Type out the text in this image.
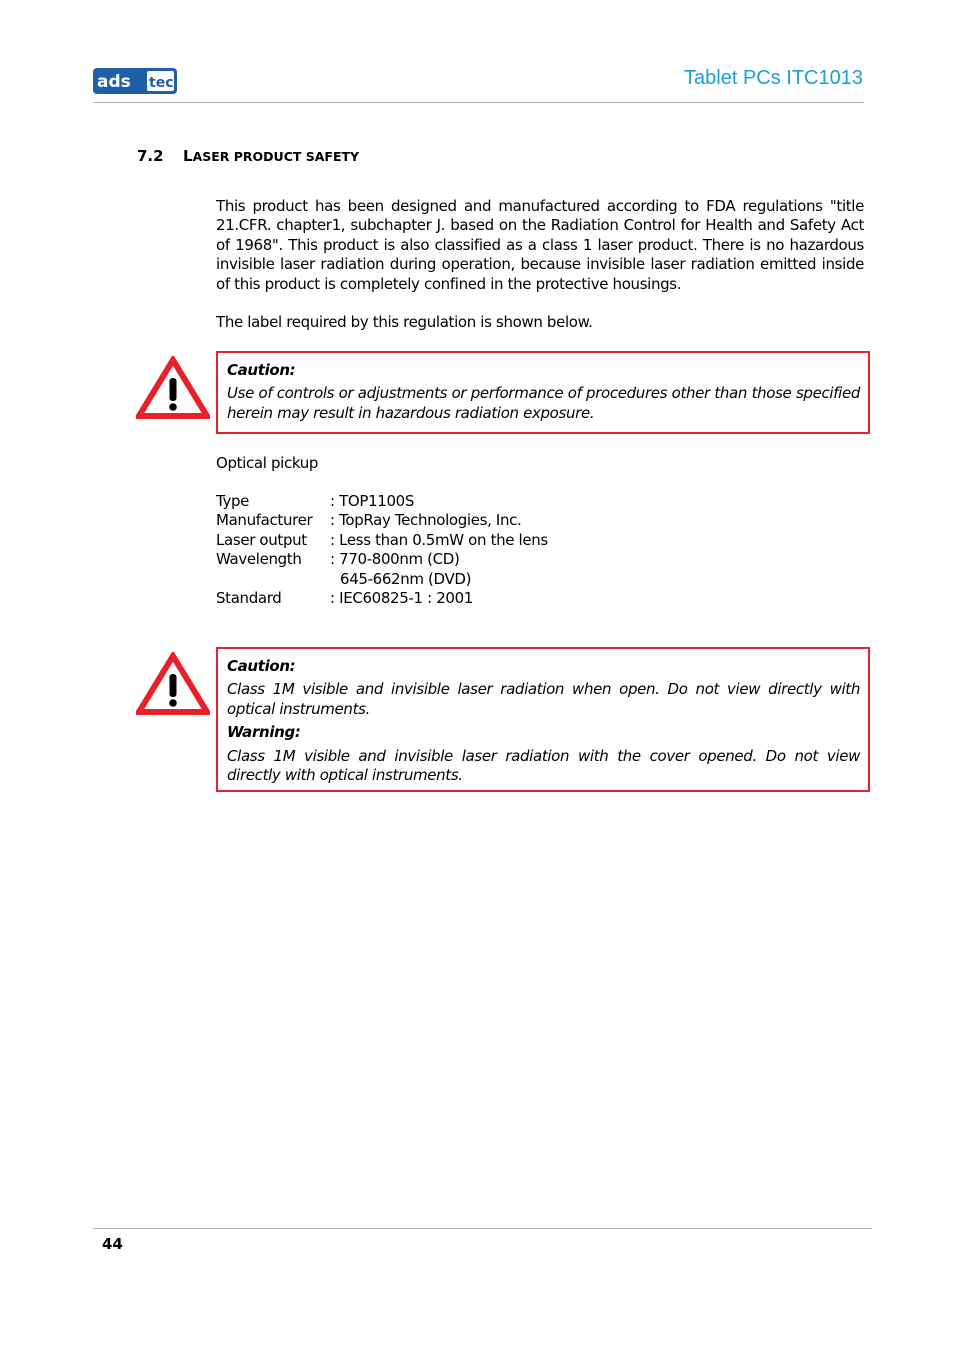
ads tec	Tablet PCs ITC1013
7.2 LASER PRODUCT SAFETY
This product has been designed and manufactured according to FDA regulations "title 21.CFR. chapter1, subchapter J. based on the Radiation Control for Health and Safety Act of 1968". This product is also classified as a class 1 laser product. There is no hazardous invisible laser radiation during operation, because invisible laser radiation emitted inside of this product is completely confined in the protective housings.
The label required by this regulation is shown below.
Caution:
Use of controls or adjustments or performance of procedures other than those specified herein may result in hazardous radiation exposure.
Optical pickup
Type	: TOP1100S
Manufacturer : TopRay Technologies, Inc.
Laser output : Less than 0.5mW on the lens
Wavelength : 770-800nm (CD)
645-662nm (DVD)
Standard	: IEC60825-1 : 2001
Caution:
Class 1M visible and invisible laser radiation when open. Do not view directly with optical instruments.
Warning:
Class 1M visible and invisible laser radiation with the cover opened. Do not view directly with optical instruments.
44
